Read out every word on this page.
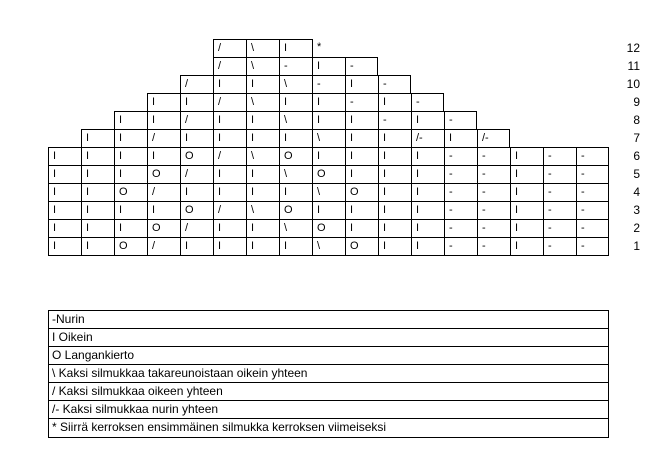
12
/	\	I	*
11
/	\	-	I	-
10
/	I	I	\	-	I	-
9
I	I	/	\	I	I	-	I	-
8
I	I	/	I	I	\	I	I	-	I	-
7
I	I	/	I	I	I	I	\	I	I	/-	I	/-
6
I	I	I	I	O	/	\	O	I	I	I	I	-	-	I	-	-
5
I	I	I	O	/	I	I	\	O	I	I	I	-	-	I	-	-
4
I	I	O	/	I	I	I	I	\	O	I	I	-	-	I	-	-
3
I	I	I	I	O	/	\	O	I	I	I	I	-	-	I	-	-
2
I	I	I	O	/	I	I	\	O	I	I	I	-	-	I	-	-
1
I	I	O	/	I	I	I	I	\	O	I	I	-	-	I	-	-
-Nurin
I Oikein
O Langankierto
\ Kaksi silmukkaa takareunoistaan oikein yhteen
/ Kaksi silmukkaa oikeen yhteen
/- Kaksi silmukkaa nurin yhteen
* Siirrä kerroksen ensimmäinen silmukka kerroksen viimeiseksi
